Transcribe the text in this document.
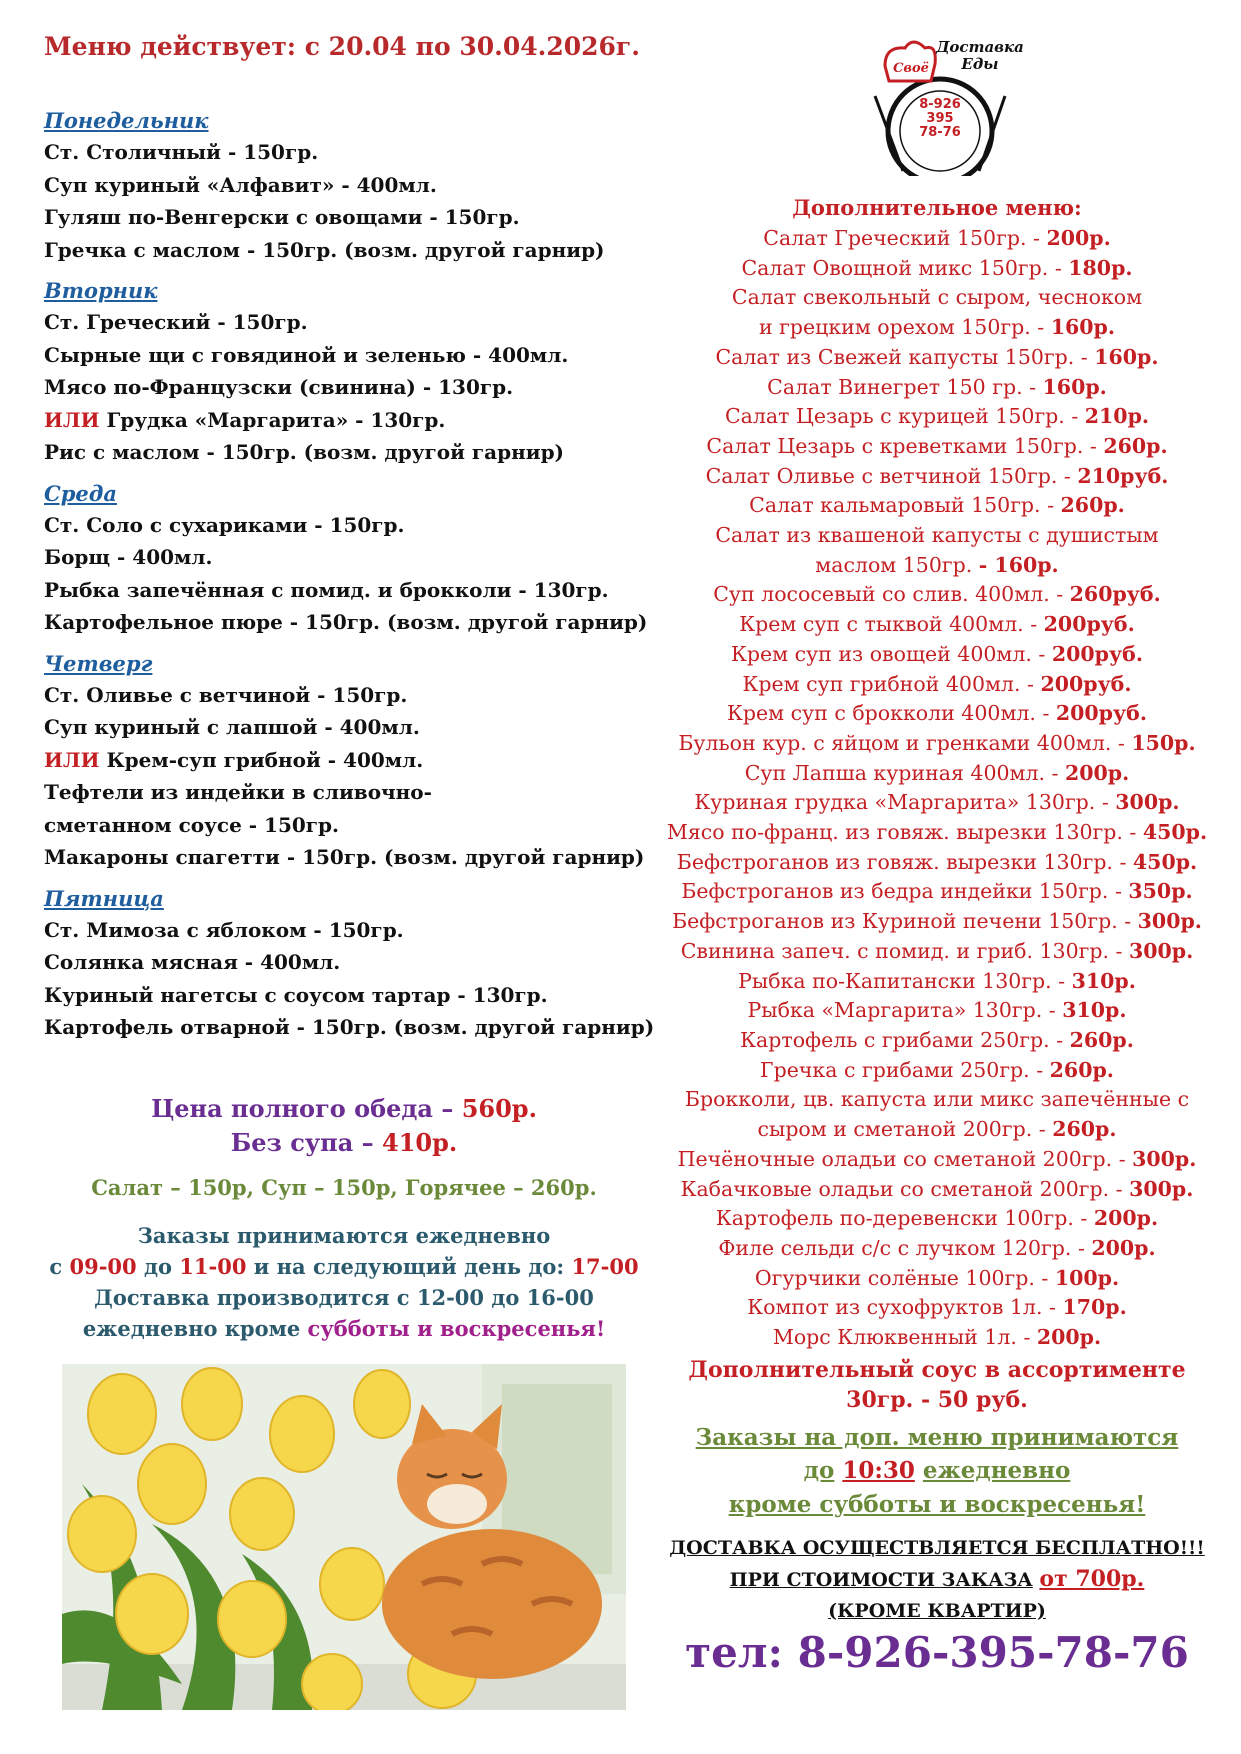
Меню действует: с 20.04 по 30.04.2026г.
Своё
Доставка
Еды
8-926
395
78-76
Понедельник
Ст. Столичный - 150гр.
Суп куриный «Алфавит» - 400мл.
Гуляш по-Венгерски с овощами - 150гр.
Гречка с маслом - 150гр. (возм. другой гарнир)
Вторник
Ст. Греческий - 150гр.
Сырные щи с говядиной и зеленью - 400мл.
Мясо по-Французски (свинина) - 130гр.
ИЛИ Грудка «Маргарита» - 130гр.
Рис с маслом - 150гр. (возм. другой гарнир)
Среда
Ст. Соло с сухариками - 150гр.
Борщ - 400мл.
Рыбка запечённая с помид. и брокколи - 130гр.
Картофельное пюре - 150гр. (возм. другой гарнир)
Четверг
Ст. Оливье с ветчиной - 150гр.
Суп куриный с лапшой - 400мл.
ИЛИ Крем-суп грибной - 400мл.
Тефтели из индейки в сливочно-
сметанном соусе - 150гр.
Макароны спагетти - 150гр. (возм. другой гарнир)
Пятница
Ст. Мимоза с яблоком - 150гр.
Солянка мясная - 400мл.
Куриный нагетсы с соусом тартар - 130гр.
Картофель отварной - 150гр. (возм. другой гарнир)
Цена полного обеда – 560р.
Без супа – 410р.
Салат – 150р, Суп – 150р, Горячее – 260р.
Заказы принимаются ежедневно
с 09-00 до 11-00 и на следующий день до: 17-00
Доставка производится с 12-00 до 16-00
ежедневно кроме субботы и воскресенья!
Дополнительное меню:
Салат Греческий 150гр. - 200р.
Салат Овощной микс 150гр. - 180р.
Салат свекольный с сыром, чесноком
и грецким орехом 150гр. - 160р.
Салат из Свежей капусты 150гр. - 160р.
Салат Винегрет 150 гр. - 160р.
Салат Цезарь с курицей 150гр. - 210р.
Салат Цезарь с креветками 150гр. - 260р.
Салат Оливье с ветчиной 150гр. - 210руб.
Салат кальмаровый 150гр. - 260р.
Салат из квашеной капусты с душистым
маслом 150гр. - 160р.
Суп лососевый со слив. 400мл. - 260руб.
Крем суп с тыквой 400мл. - 200руб.
Крем суп из овощей 400мл. - 200руб.
Крем суп грибной 400мл. - 200руб.
Крем суп с брокколи 400мл. - 200руб.
Бульон кур. с яйцом и гренками 400мл. - 150р.
Суп Лапша куриная 400мл. - 200р.
Куриная грудка «Маргарита» 130гр. - 300р.
Мясо по-франц. из говяж. вырезки 130гр. - 450р.
Бефстроганов из говяж. вырезки 130гр. - 450р.
Бефстроганов из бедра индейки 150гр. - 350р.
Бефстроганов из Куриной печени 150гр. - 300р.
Свинина запеч. с помид. и гриб. 130гр. - 300р.
Рыбка по-Капитански 130гр. - 310р.
Рыбка «Маргарита» 130гр. - 310р.
Картофель с грибами 250гр. - 260р.
Гречка с грибами 250гр. - 260р.
Брокколи, цв. капуста или микс запечённые с
сыром и сметаной 200гр. - 260р.
Печёночные оладьи со сметаной 200гр. - 300р.
Кабачковые оладьи со сметаной 200гр. - 300р.
Картофель по-деревенски 100гр. - 200р.
Филе сельди с/с с лучком 120гр. - 200р.
Огурчики солёные 100гр. - 100р.
Компот из сухофруктов 1л. - 170р.
Морс Клюквенный 1л. - 200р.
Дополнительный соус в ассортименте
30гр. - 50 руб.
Заказы на доп. меню принимаются
до 10:30 ежедневно
кроме субботы и воскресенья!
ДОСТАВКА ОСУЩЕСТВЛЯЕТСЯ БЕСПЛАТНО!!!
ПРИ СТОИМОСТИ ЗАКАЗА от 700р.
(КРОМЕ КВАРТИР)
тел: 8-926-395-78-76
